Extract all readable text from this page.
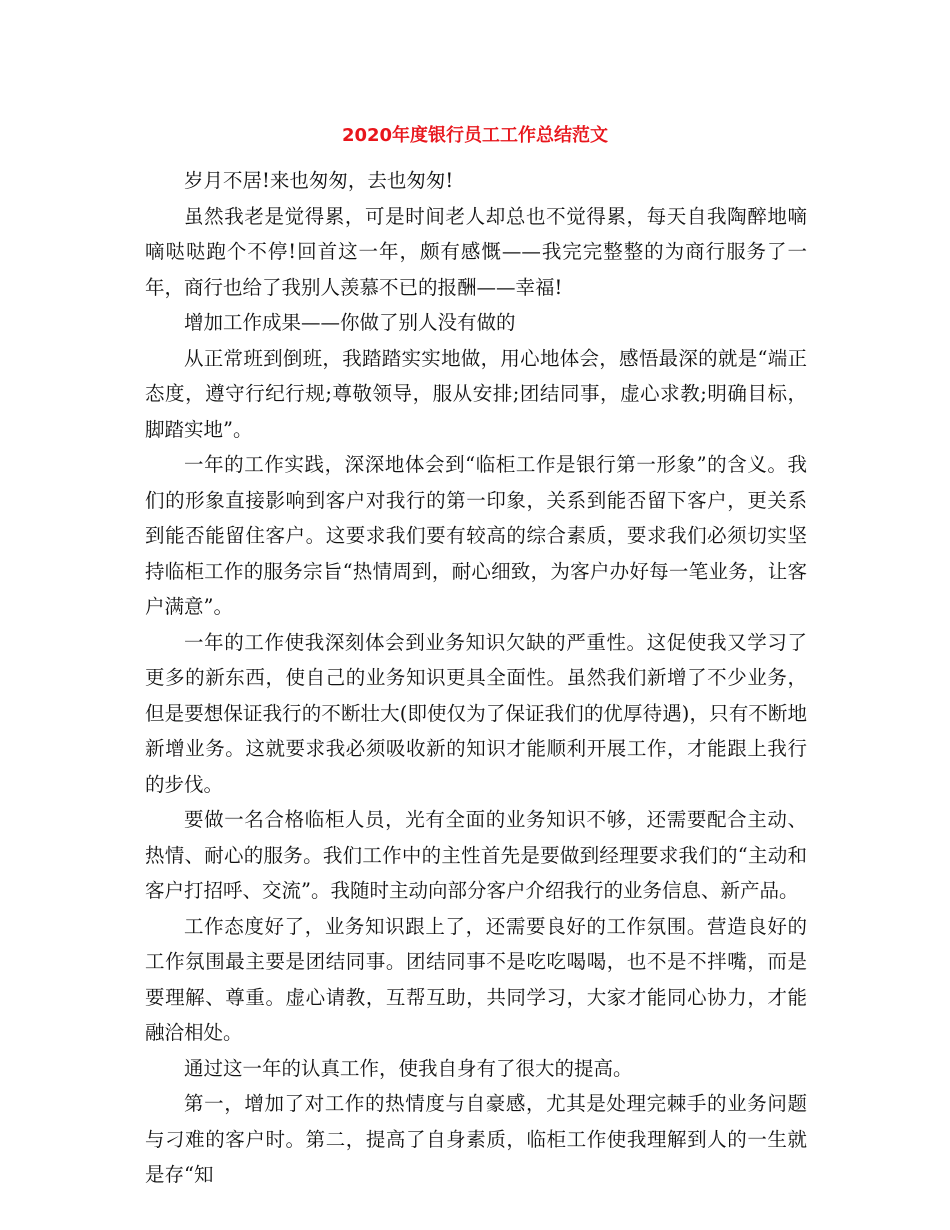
2020年度银行员工工作总结范文

岁月不居!来也匆匆，去也匆匆!

虽然我老是觉得累，可是时间老人却总也不觉得累，每天自我陶醉地嘀嘀哒哒跑个不停!回首这一年，颇有感慨——我完完整整的为商行服务了一年，商行也给了我别人羡慕不已的报酬——幸福!

增加工作成果——你做了别人没有做的

从正常班到倒班，我踏踏实实地做，用心地体会，感悟最深的就是“端正态度，遵守行纪行规;尊敬领导，服从安排;团结同事，虚心求教;明确目标，脚踏实地”。

一年的工作实践，深深地体会到“临柜工作是银行第一形象”的含义。我们的形象直接影响到客户对我行的第一印象，关系到能否留下客户，更关系到能否能留住客户。这要求我们要有较高的综合素质，要求我们必须切实坚持临柜工作的服务宗旨“热情周到，耐心细致，为客户办好每一笔业务，让客户满意”。

一年的工作使我深刻体会到业务知识欠缺的严重性。这促使我又学习了更多的新东西，使自己的业务知识更具全面性。虽然我们新增了不少业务，但是要想保证我行的不断壮大(即使仅为了保证我们的优厚待遇)，只有不断地新增业务。这就要求我必须吸收新的知识才能顺利开展工作，才能跟上我行的步伐。

要做一名合格临柜人员，光有全面的业务知识不够，还需要配合主动、热情、耐心的服务。我们工作中的主性首先是要做到经理要求我们的“主动和客户打招呼、交流”。我随时主动向部分客户介绍我行的业务信息、新产品。

工作态度好了，业务知识跟上了，还需要良好的工作氛围。营造良好的工作氛围最主要是团结同事。团结同事不是吃吃喝喝，也不是不拌嘴，而是要理解、尊重。虚心请教，互帮互助，共同学习，大家才能同心协力，才能融洽相处。

通过这一年的认真工作，使我自身有了很大的提高。

第一，增加了对工作的热情度与自豪感，尤其是处理完棘手的业务问题与刁难的客户时。第二，提高了自身素质，临柜工作使我理解到人的一生就是存“知
